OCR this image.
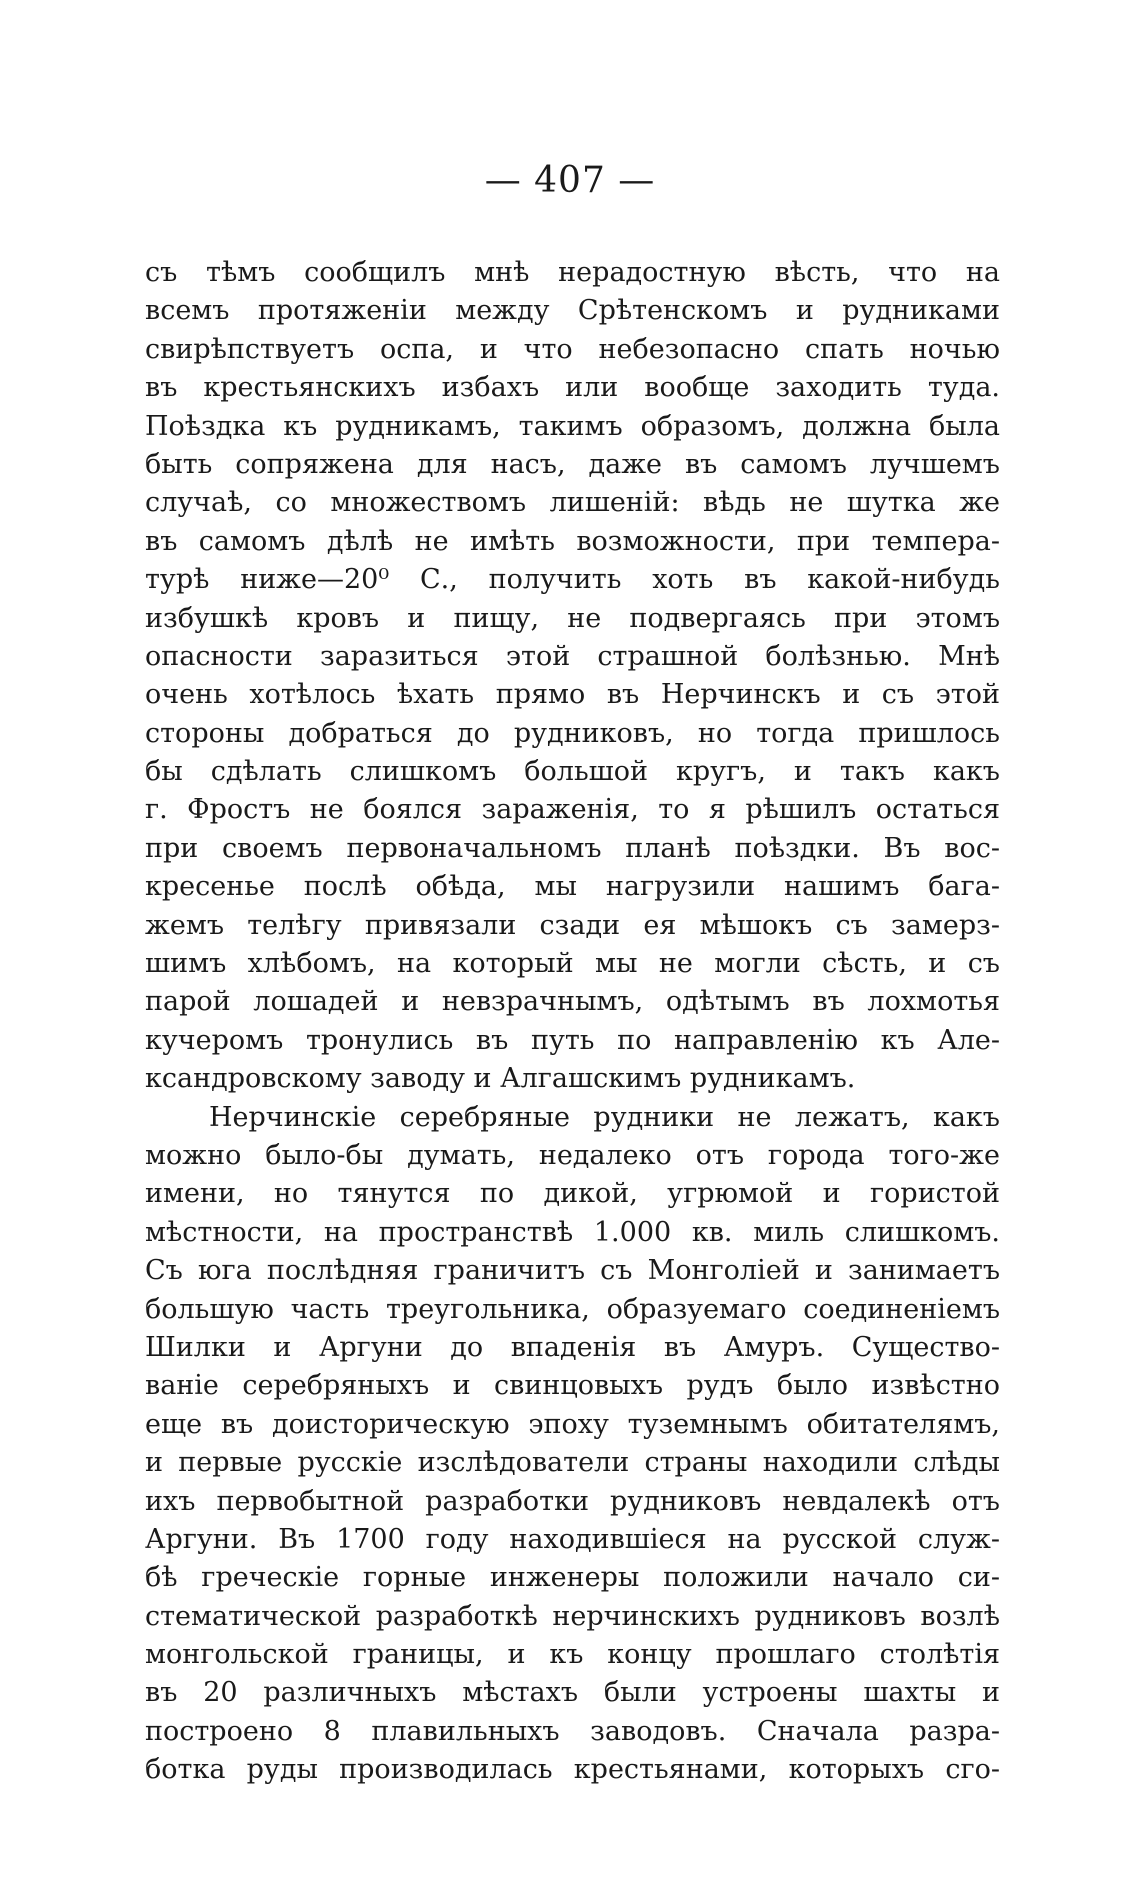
— 407 —
съ тѣмъ сообщилъ мнѣ нерадостную вѣсть, что на
всемъ протяженіи между Срѣтенскомъ и рудниками
свирѣпствуетъ оспа, и что небезопасно спать ночью
въ крестьянскихъ избахъ или вообще заходить туда.
Поѣздка къ рудникамъ, такимъ образомъ, должна была
быть сопряжена для насъ, даже въ самомъ лучшемъ
случаѣ, со множествомъ лишеній: вѣдь не шутка же
въ самомъ дѣлѣ не имѣть возможности, при темпера-
турѣ ниже—20⁰ С., получить хоть въ какой-нибудь
избушкѣ кровъ и пищу, не подвергаясь при этомъ
опасности заразиться этой страшной болѣзнью. Мнѣ
очень хотѣлось ѣхать прямо въ Нерчинскъ и съ этой
стороны добраться до рудниковъ, но тогда пришлось
бы сдѣлать слишкомъ большой кругъ, и такъ какъ
г. Фростъ не боялся зараженія, то я рѣшилъ остаться
при своемъ первоначальномъ планѣ поѣздки. Въ вос-
кресенье послѣ обѣда, мы нагрузили нашимъ бага-
жемъ телѣгу привязали сзади ея мѣшокъ съ замерз-
шимъ хлѣбомъ, на который мы не могли сѣсть, и съ
парой лошадей и невзрачнымъ, одѣтымъ въ лохмотья
кучеромъ тронулись въ путь по направленію къ Але-
ксандровскому заводу и Алгашскимъ рудникамъ.
Нерчинскіе серебряные рудники не лежатъ, какъ
можно было-бы думать, недалеко отъ города того-же
имени, но тянутся по дикой, угрюмой и гористой
мѣстности, на пространствѣ 1.000 кв. миль слишкомъ.
Съ юга послѣдняя граничитъ съ Монголіей и занимаетъ
большую часть треугольника, образуемаго соединеніемъ
Шилки и Аргуни до впаденія въ Амуръ. Существо-
ваніе серебряныхъ и свинцовыхъ рудъ было извѣстно
еще въ доисторическую эпоху туземнымъ обитателямъ,
и первые русскіе изслѣдователи страны находили слѣды
ихъ первобытной разработки рудниковъ невдалекѣ отъ
Аргуни. Въ 1700 году находившіеся на русской служ-
бѣ греческіе горные инженеры положили начало си-
стематической разработкѣ нерчинскихъ рудниковъ возлѣ
монгольской границы, и къ концу прошлаго столѣтія
въ 20 различныхъ мѣстахъ были устроены шахты и
построено 8 плавильныхъ заводовъ. Сначала разра-
ботка руды производилась крестьянами, которыхъ сго-
